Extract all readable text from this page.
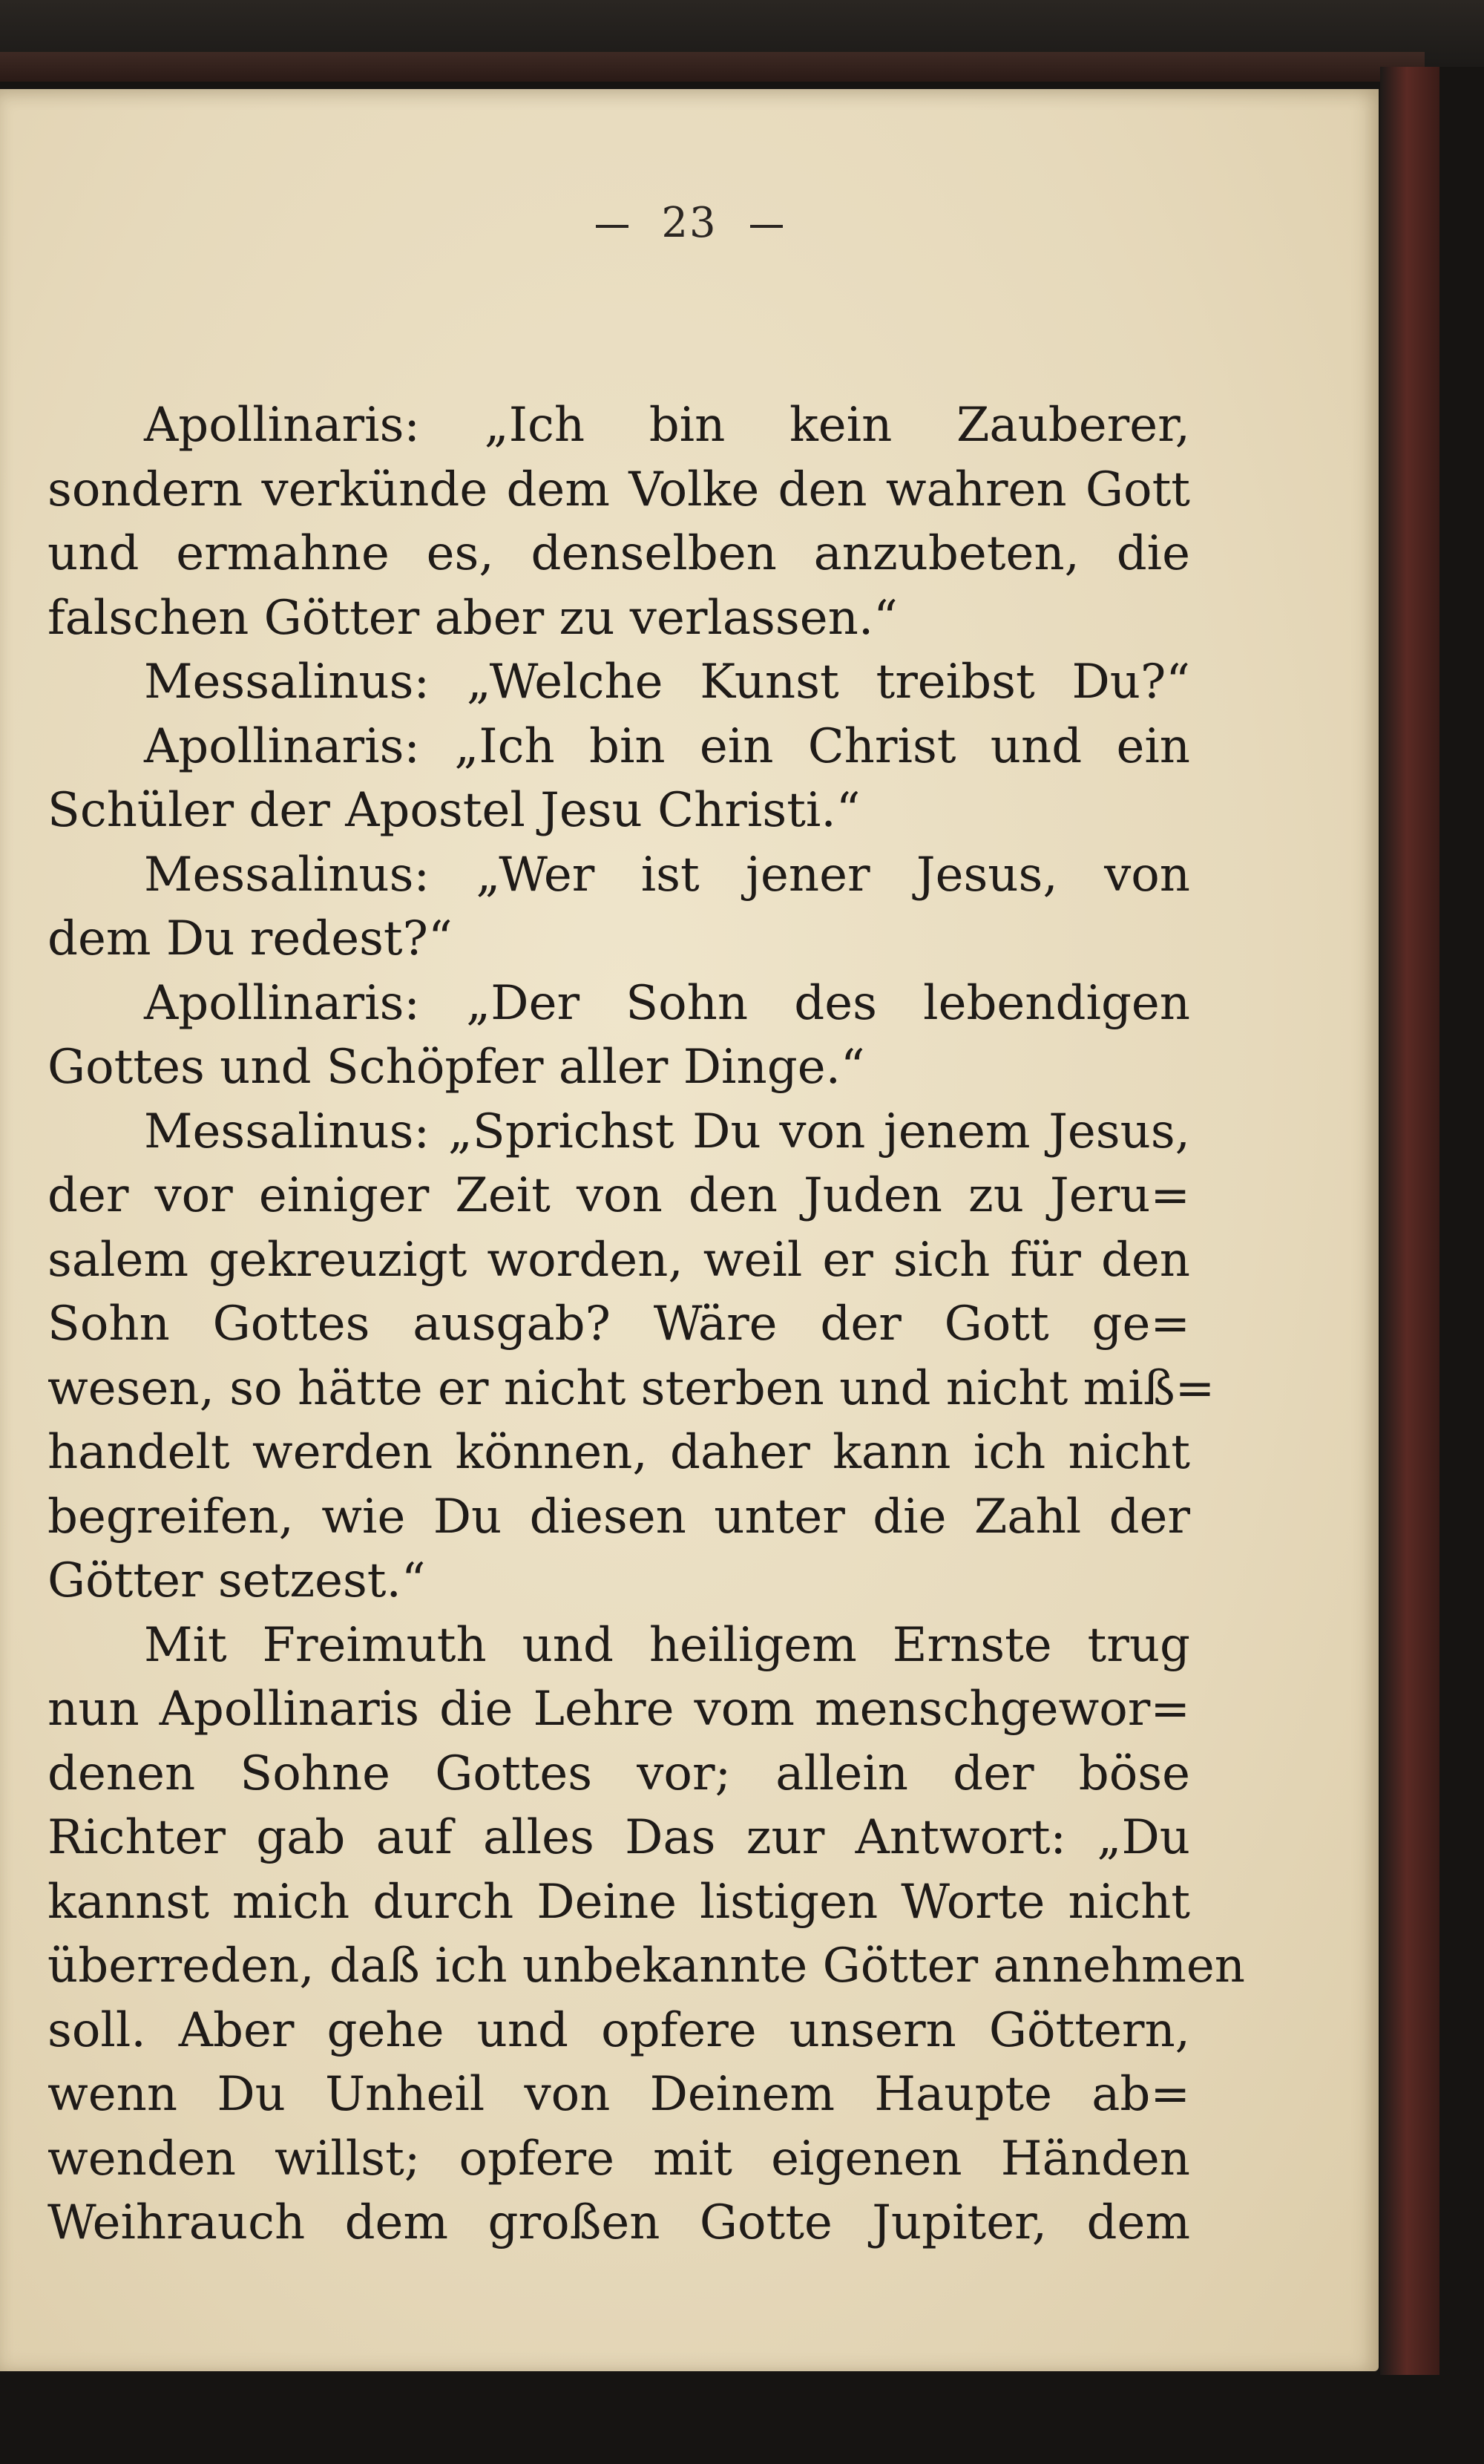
23
Apollinaris: „Ich bin kein Zauberer,
sondern verkünde dem Volke den wahren Gott
und ermahne es, denselben anzubeten, die
falschen Götter aber zu verlassen.“
Messalinus: „Welche Kunst treibst Du?“
Apollinaris: „Ich bin ein Christ und ein
Schüler der Apostel Jesu Christi.“
Messalinus: „Wer ist jener Jesus, von
dem Du redest?“
Apollinaris: „Der Sohn des lebendigen
Gottes und Schöpfer aller Dinge.“
Messalinus: „Sprichst Du von jenem Jesus,
der vor einiger Zeit von den Juden zu Jeru=
salem gekreuzigt worden, weil er sich für den
Sohn Gottes ausgab? Wäre der Gott ge=
wesen, so hätte er nicht sterben und nicht miß=
handelt werden können, daher kann ich nicht
begreifen, wie Du diesen unter die Zahl der
Götter setzest.“
Mit Freimuth und heiligem Ernste trug
nun Apollinaris die Lehre vom menschgewor=
denen Sohne Gottes vor; allein der böse
Richter gab auf alles Das zur Antwort: „Du
kannst mich durch Deine listigen Worte nicht
überreden, daß ich unbekannte Götter annehmen
soll. Aber gehe und opfere unsern Göttern,
wenn Du Unheil von Deinem Haupte ab=
wenden willst; opfere mit eigenen Händen
Weihrauch dem großen Gotte Jupiter, dem
